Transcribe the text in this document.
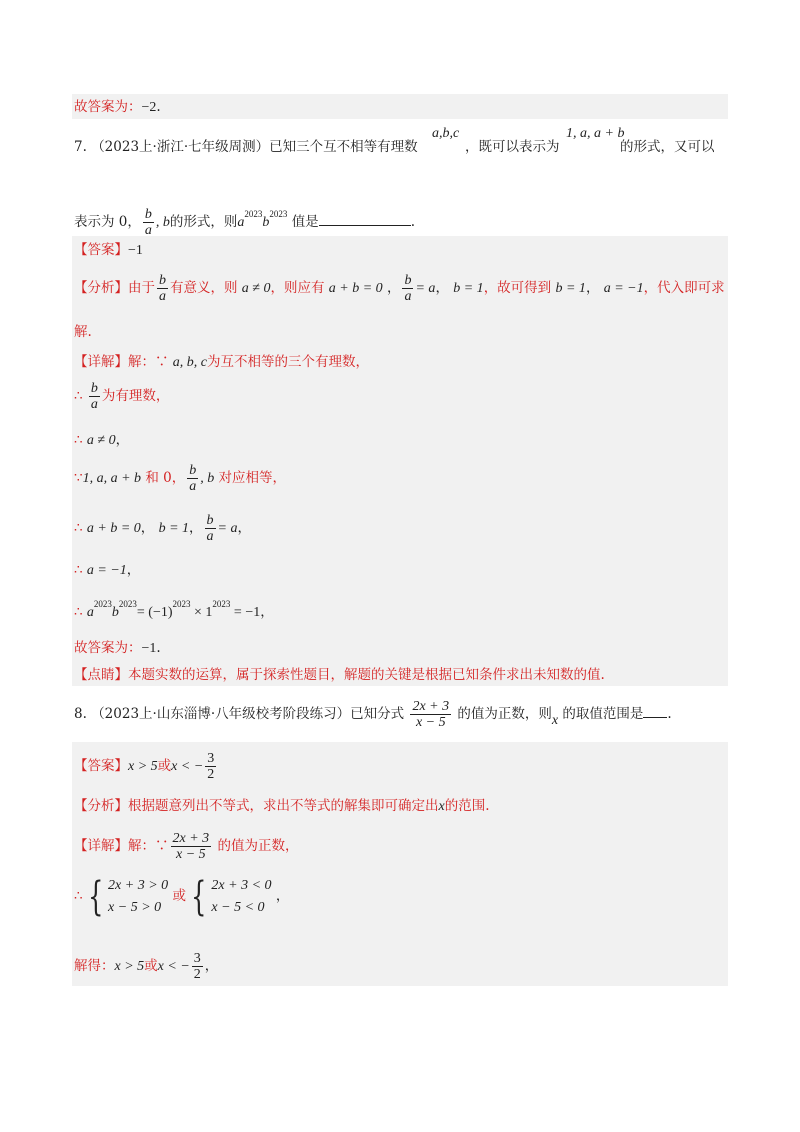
故答案为：−2.
7. （2023上·浙江·七年级周测）已知三个互不相等有理数
a,b,c
，既可以表示为
1, a, a + b
的形式，又可以
表示为 0， $\frac{b}{a}$ , b的形式，则$a^{2023}b^{2023}$ 值是	.
【答案】−1
【分析】由于 $\frac{b}{a}$ 有意义，则 a ≠ 0，则应有 a + b = 0 ， $\frac{b}{a} = a$， b = 1，故可得到 b = 1， a = −1，代入即可求
解.
【详解】解：∵ a, b, c为互不相等的三个有理数，
∴ $\frac{b}{a}$ 为有理数，
∴ a ≠ 0，
∵1, a, a + b 和 0， $\frac{b}{a}$ , b 对应相等，
∴ a + b = 0， b = 1， $\frac{b}{a} = a$，
∴ a = −1，
∴ $a^{2023}b^{2023}= (-1)^{2023} \times 1^{2023} = -1$，
故答案为：−1.
【点睛】本题实数的运算，属于探索性题目，解题的关键是根据已知条件求出未知数的值.
8. （2023上·山东淄博·八年级校考阶段练习）已知分式 $\frac{2x + 3}{x - 5}$ 的值为正数，则x 的取值范围是 .
【答案】x > 5或x < − $\frac{3}{2}$
【分析】根据题意列出不等式，求出不等式的解集即可确定出x的范围.
【详解】解：∵ $\frac{2x + 3}{x - 5}$ 的值为正数，
∴ { 2x + 3 > 0
x − 5 > 0
或 { 2x + 3 < 0
x − 5 < 0
，
解得：x > 5或x < − $\frac{3}{2}$ ，
